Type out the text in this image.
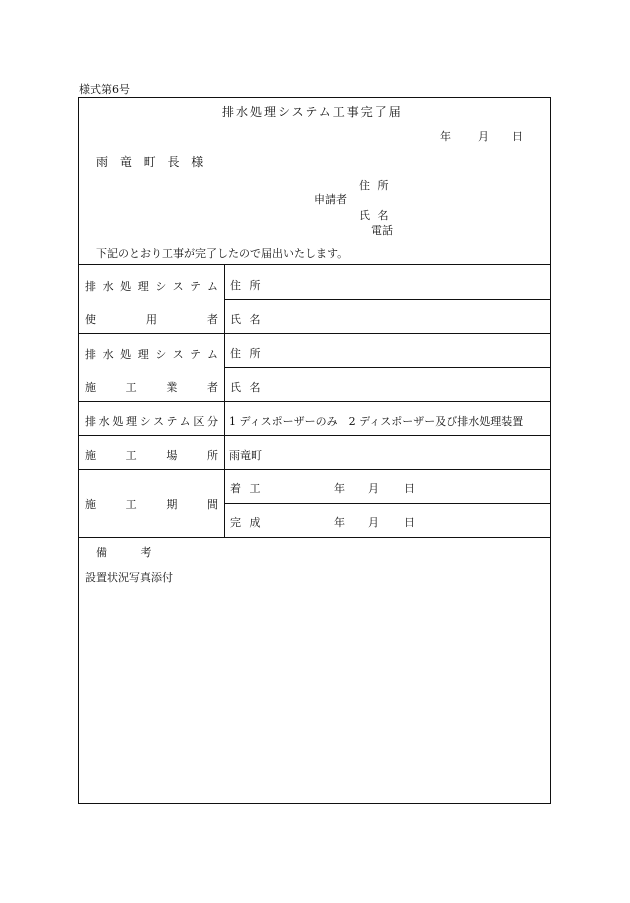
様式第6号
排水処理システム工事完了届
年 月 日
雨 竜 町 長 様
住 所
申請者
氏 名
電話
下記のとおり工事が完了したので届出いたします。
排水処理システム
使用者
住 所
氏 名
排水処理システム
施工業者
住 所
氏 名
排水処理システム区分 1 ディスポーザーのみ　2 ディスポーザー及び排水処理装置
施工場所 雨竜町
施工期間
着 工	年 月 日
完 成	年 月 日
備 考
設置状況写真添付
